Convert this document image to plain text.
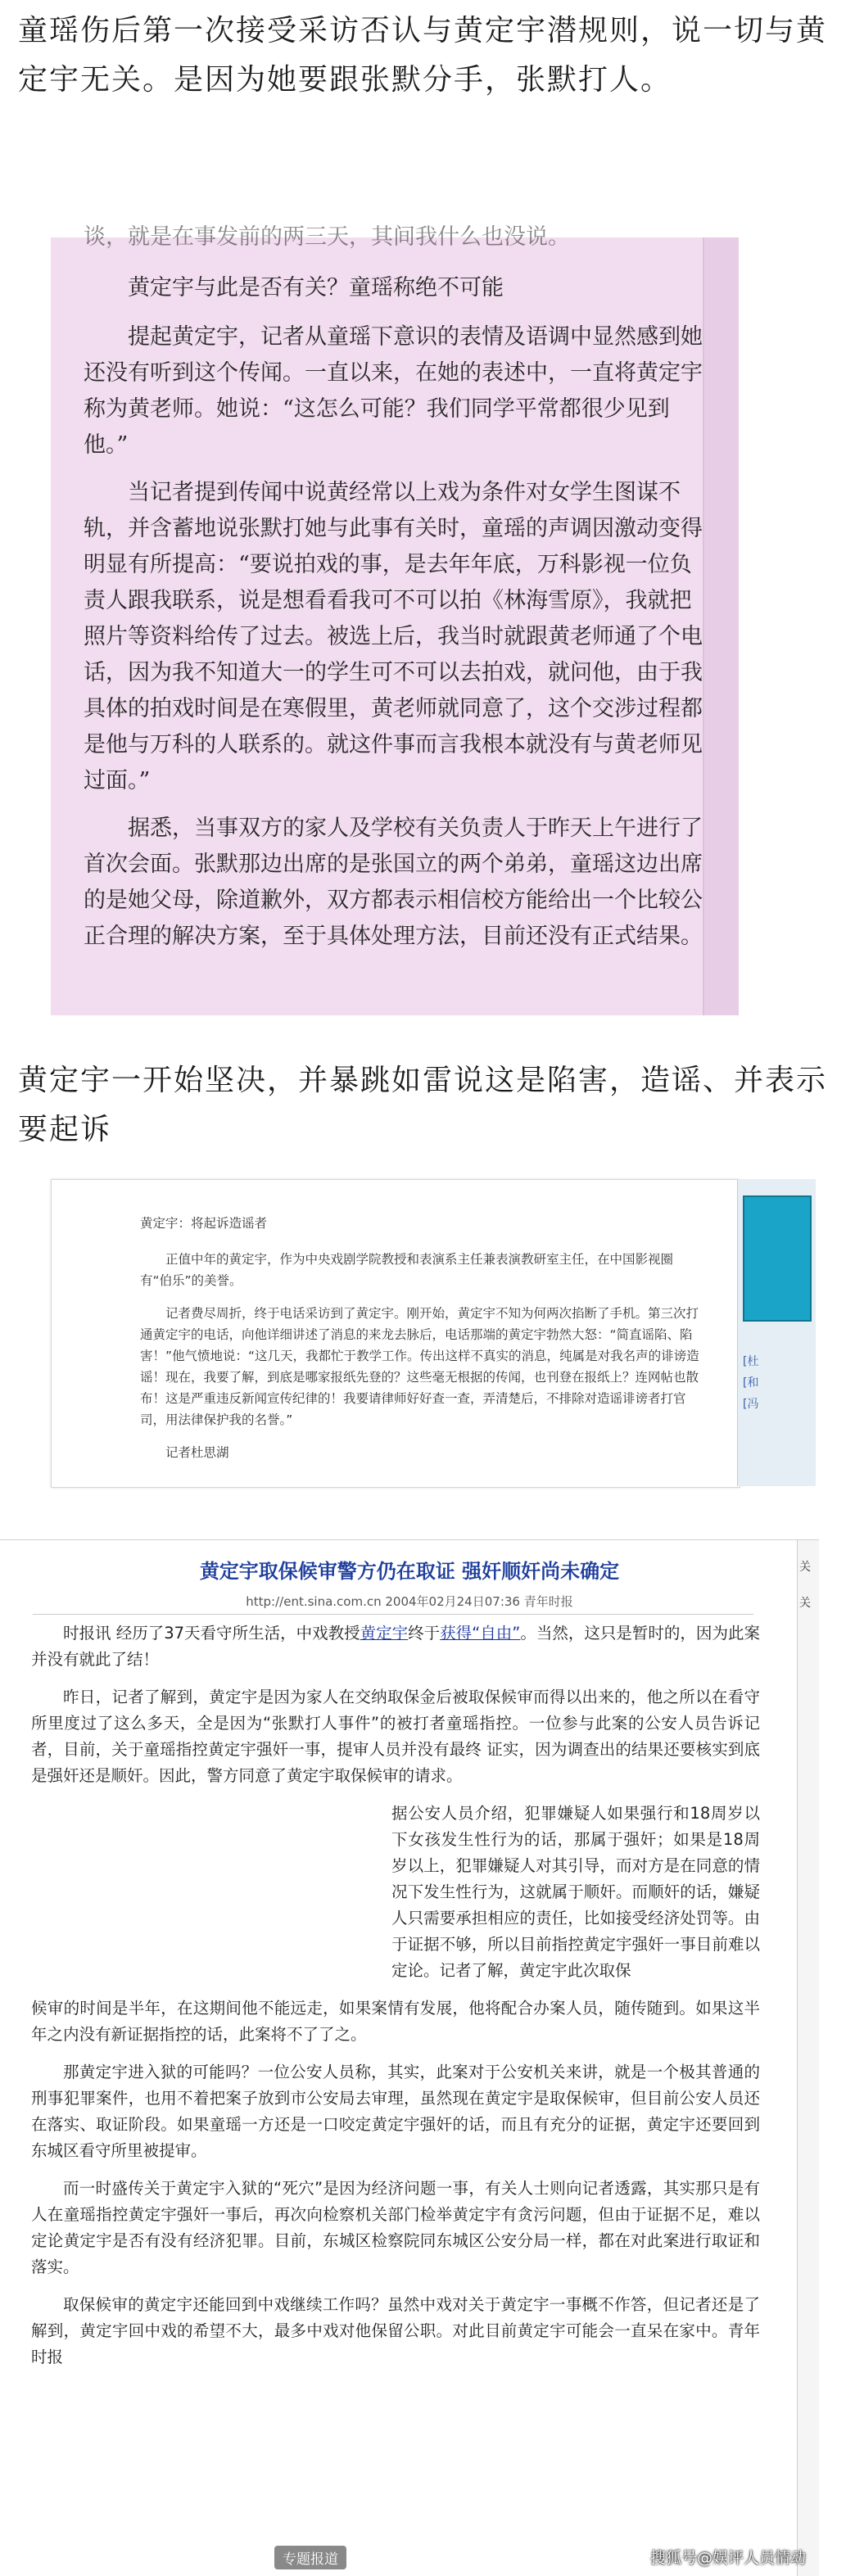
童瑶伤后第一次接受采访否认与黄定宇潜规则，说一切与黄定宇无关。是因为她要跟张默分手，张默打人。

谈，就是在事发前的两三天，其间我什么也没说。

黄定宇与此是否有关？童瑶称绝不可能

提起黄定宇，记者从童瑶下意识的表情及语调中显然感到她还没有听到这个传闻。一直以来，在她的表述中，一直将黄定宇称为黄老师。她说：“这怎么可能？我们同学平常都很少见到他。”

当记者提到传闻中说黄经常以上戏为条件对女学生图谋不轨，并含蓄地说张默打她与此事有关时，童瑶的声调因激动变得明显有所提高：“要说拍戏的事，是去年年底，万科影视一位负责人跟我联系，说是想看看我可不可以拍《林海雪原》，我就把照片等资料给传了过去。被选上后，我当时就跟黄老师通了个电话，因为我不知道大一的学生可不可以去拍戏，就问他，由于我具体的拍戏时间是在寒假里，黄老师就同意了，这个交涉过程都是他与万科的人联系的。就这件事而言我根本就没有与黄老师见过面。”

据悉，当事双方的家人及学校有关负责人于昨天上午进行了首次会面。张默那边出席的是张国立的两个弟弟，童瑶这边出席的是她父母，除道歉外，双方都表示相信校方能给出一个比较公正合理的解决方案，至于具体处理方法，目前还没有正式结果。

黄定宇一开始坚决，并暴跳如雷说这是陷害，造谣、并表示要起诉

黄定宇：将起诉造谣者

正值中年的黄定宇，作为中央戏剧学院教授和表演系主任兼表演教研室主任，在中国影视圈有“伯乐”的美誉。

记者费尽周折，终于电话采访到了黄定宇。刚开始，黄定宇不知为何两次掐断了手机。第三次打通黄定宇的电话，向他详细讲述了消息的来龙去脉后，电话那端的黄定宇勃然大怒：“简直谣陷、陷害！”他气愤地说：“这几天，我都忙于教学工作。传出这样不真实的消息，纯属是对我名声的诽谤造谣！现在，我要了解，到底是哪家报纸先登的？这些毫无根据的传闻，也刊登在报纸上？连网帖也散布！这是严重违反新闻宣传纪律的！我要请律师好好查一查，弄清楚后，不排除对造谣诽谤者打官司，用法律保护我的名誉。”

记者杜思湖

[杜
[和
[冯
黄定宇取保候审警方仍在取证 强奸顺奸尚未确定
http://ent.sina.com.cn 2004年02月24日07:36 青年时报

时报讯 经历了37天看守所生活，中戏教授黄定宇终于获得“自由”。当然，这只是暂时的，因为此案并没有就此了结！

昨日，记者了解到，黄定宇是因为家人在交纳取保金后被取保候审而得以出来的，他之所以在看守所里度过了这么多天，全是因为“张默打人事件”的被打者童瑶指控。一位参与此案的公安人员告诉记者，目前，关于童瑶指控黄定宇强奸一事，提审人员并没有最终 证实，因为调查出的结果还要核实到底是强奸还是顺奸。因此，警方同意了黄定宇取保候审的请求。

据公安人员介绍，犯罪嫌疑人如果强行和18周岁以下女孩发生性行为的话，那属于强奸；如果是18周岁以上，犯罪嫌疑人对其引导，而对方是在同意的情况下发生性行为，这就属于顺奸。而顺奸的话，嫌疑人只需要承担相应的责任，比如接受经济处罚等。由于证据不够，所以目前指控黄定宇强奸一事目前难以定论。记者了解，黄定宇此次取保

候审的时间是半年，在这期间他不能远走，如果案情有发展，他将配合办案人员，随传随到。如果这半年之内没有新证据指控的话，此案将不了了之。

那黄定宇进入狱的可能吗？一位公安人员称，其实，此案对于公安机关来讲，就是一个极其普通的刑事犯罪案件，也用不着把案子放到市公安局去审理，虽然现在黄定宇是取保候审，但目前公安人员还在落实、取证阶段。如果童瑶一方还是一口咬定黄定宇强奸的话，而且有充分的证据，黄定宇还要回到东城区看守所里被提审。

而一时盛传关于黄定宇入狱的“死穴”是因为经济问题一事，有关人士则向记者透露，其实那只是有人在童瑶指控黄定宇强奸一事后，再次向检察机关部门检举黄定宇有贪污问题，但由于证据不足，难以定论黄定宇是否有没有经济犯罪。目前，东城区检察院同东城区公安分局一样，都在对此案进行取证和落实。

取保候审的黄定宇还能回到中戏继续工作吗？虽然中戏对关于黄定宇一事概不作答，但记者还是了解到，黄定宇回中戏的希望不大，最多中戏对他保留公职。对此目前黄定宇可能会一直呆在家中。青年时报

关
关
专题报道	搜狐号@娱评人员情动
